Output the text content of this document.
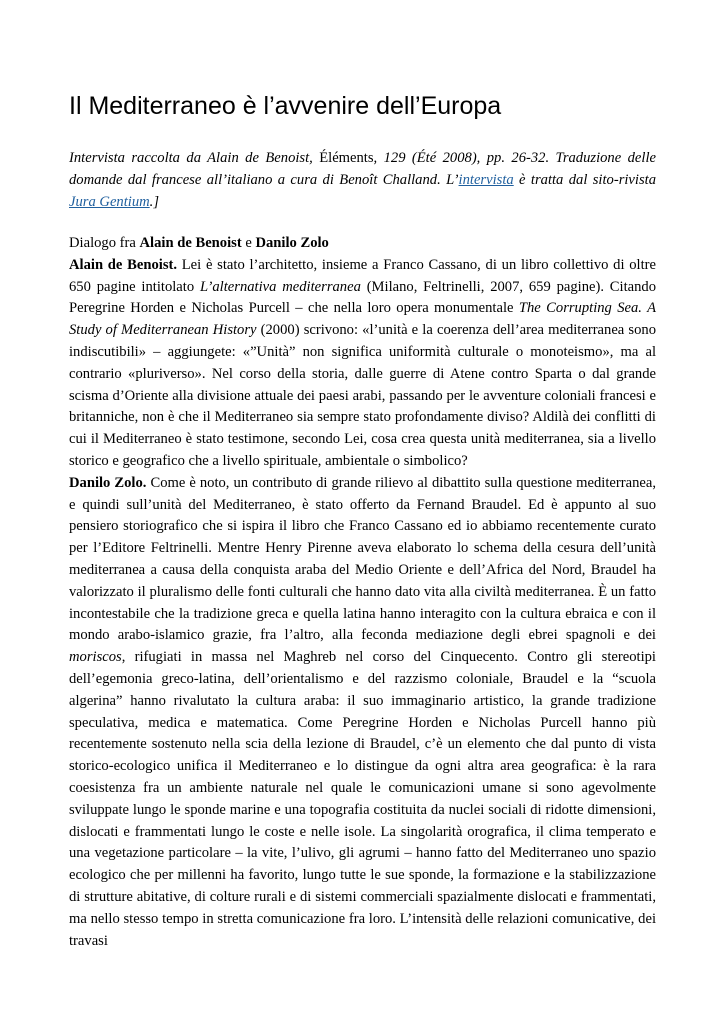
Il Mediterraneo è l’avvenire dell’Europa

Intervista raccolta da Alain de Benoist, Éléments, 129 (Été 2008), pp. 26-32. Traduzione delle domande dal francese all’italiano a cura di Benoît Challand. L’intervista è tratta dal sito-rivista Jura Gentium.]

Dialogo fra Alain de Benoist e Danilo Zolo

Alain de Benoist. Lei è stato l’architetto, insieme a Franco Cassano, di un libro collettivo di oltre 650 pagine intitolato L’alternativa mediterranea (Milano, Feltrinelli, 2007, 659 pagine). Citando Peregrine Horden e Nicholas Purcell – che nella loro opera monumentale The Corrupting Sea. A Study of Mediterranean History (2000) scrivono: «l’unità e la coerenza dell’area mediterranea sono indiscutibili» – aggiungete: «”Unità” non significa uniformità culturale o monoteismo», ma al contrario «pluriverso». Nel corso della storia, dalle guerre di Atene contro Sparta o dal grande scisma d’Oriente alla divisione attuale dei paesi arabi, passando per le avventure coloniali francesi e britanniche, non è che il Mediterraneo sia sempre stato profondamente diviso? Aldilà dei conflitti di cui il Mediterraneo è stato testimone, secondo Lei, cosa crea questa unità mediterranea, sia a livello storico e geografico che a livello spirituale, ambientale o simbolico?

Danilo Zolo. Come è noto, un contributo di grande rilievo al dibattito sulla questione mediterranea, e quindi sull’unità del Mediterraneo, è stato offerto da Fernand Braudel. Ed è appunto al suo pensiero storiografico che si ispira il libro che Franco Cassano ed io abbiamo recentemente curato per l’Editore Feltrinelli. Mentre Henry Pirenne aveva elaborato lo schema della cesura dell’unità mediterranea a causa della conquista araba del Medio Oriente e dell’Africa del Nord, Braudel ha valorizzato il pluralismo delle fonti culturali che hanno dato vita alla civiltà mediterranea. È un fatto incontestabile che la tradizione greca e quella latina hanno interagito con la cultura ebraica e con il mondo arabo-islamico grazie, fra l’altro, alla feconda mediazione degli ebrei spagnoli e dei moriscos, rifugiati in massa nel Maghreb nel corso del Cinquecento. Contro gli stereotipi dell’egemonia greco-latina, dell’orientalismo e del razzismo coloniale, Braudel e la “scuola algerina” hanno rivalutato la cultura araba: il suo immaginario artistico, la grande tradizione speculativa, medica e matematica. Come Peregrine Horden e Nicholas Purcell hanno più recentemente sostenuto nella scia della lezione di Braudel, c’è un elemento che dal punto di vista storico-ecologico unifica il Mediterraneo e lo distingue da ogni altra area geografica: è la rara coesistenza fra un ambiente naturale nel quale le comunicazioni umane si sono agevolmente sviluppate lungo le sponde marine e una topografia costituita da nuclei sociali di ridotte dimensioni, dislocati e frammentati lungo le coste e nelle isole. La singolarità orografica, il clima temperato e una vegetazione particolare – la vite, l’ulivo, gli agrumi – hanno fatto del Mediterraneo uno spazio ecologico che per millenni ha favorito, lungo tutte le sue sponde, la formazione e la stabilizzazione di strutture abitative, di colture rurali e di sistemi commerciali spazialmente dislocati e frammentati, ma nello stesso tempo in stretta comunicazione fra loro. L’intensità delle relazioni comunicative, dei travasi
